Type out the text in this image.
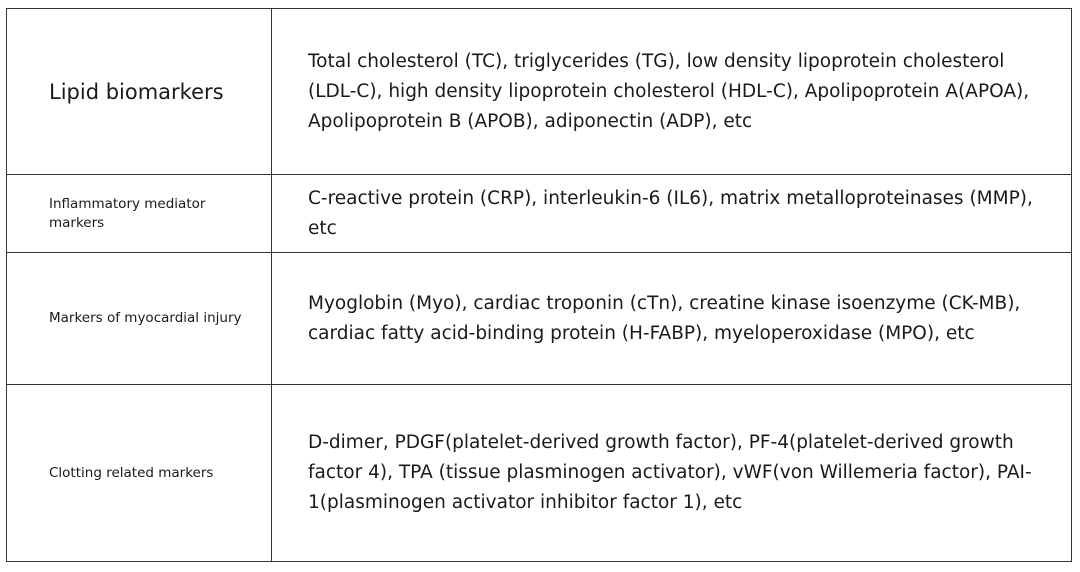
Lipid biomarkers
Total cholesterol (TC), triglycerides (TG), low density lipoprotein cholesterol (LDL-C), high density lipoprotein cholesterol (HDL-C), Apolipoprotein A(APOA), Apolipoprotein B (APOB), adiponectin (ADP), etc
Inflammatory mediator markers
C-reactive protein (CRP), interleukin-6 (IL6), matrix metalloproteinases (MMP), etc
Markers of myocardial injury
Myoglobin (Myo), cardiac troponin (cTn), creatine kinase isoenzyme (CK-MB), cardiac fatty acid-binding protein (H-FABP), myeloperoxidase (MPO), etc
Clotting related markers
D-dimer, PDGF(platelet-derived growth factor), PF-4(platelet-derived growth factor 4), TPA (tissue plasminogen activator), vWF(von Willemeria factor), PAI-1(plasminogen activator inhibitor factor 1), etc
